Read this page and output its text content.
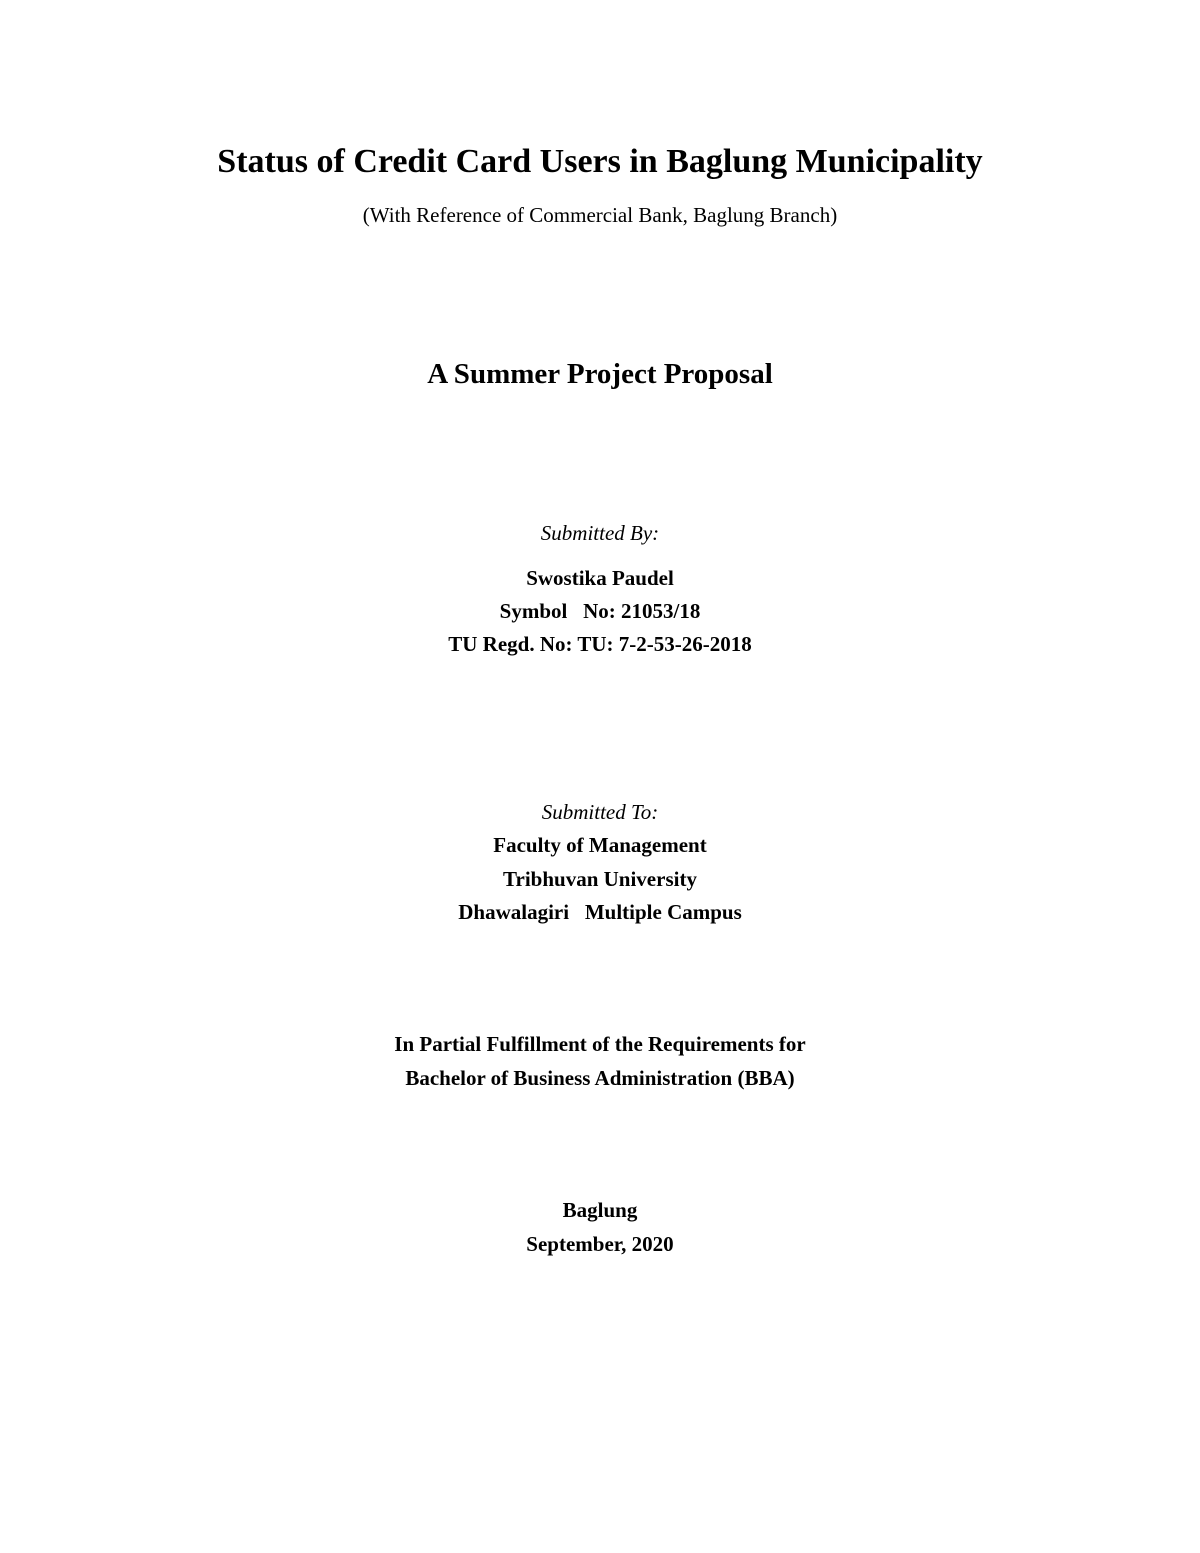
Status of Credit Card Users in Baglung Municipality

(With Reference of Commercial Bank, Baglung Branch)

A Summer Project Proposal

Submitted By:

Swostika Paudel

Symbol   No: 21053/18

TU Regd. No: TU: 7-2-53-26-2018

Submitted To:

Faculty of Management

Tribhuvan University

Dhawalagiri   Multiple Campus

In Partial Fulfillment of the Requirements for

Bachelor of Business Administration (BBA)

Baglung

September, 2020
